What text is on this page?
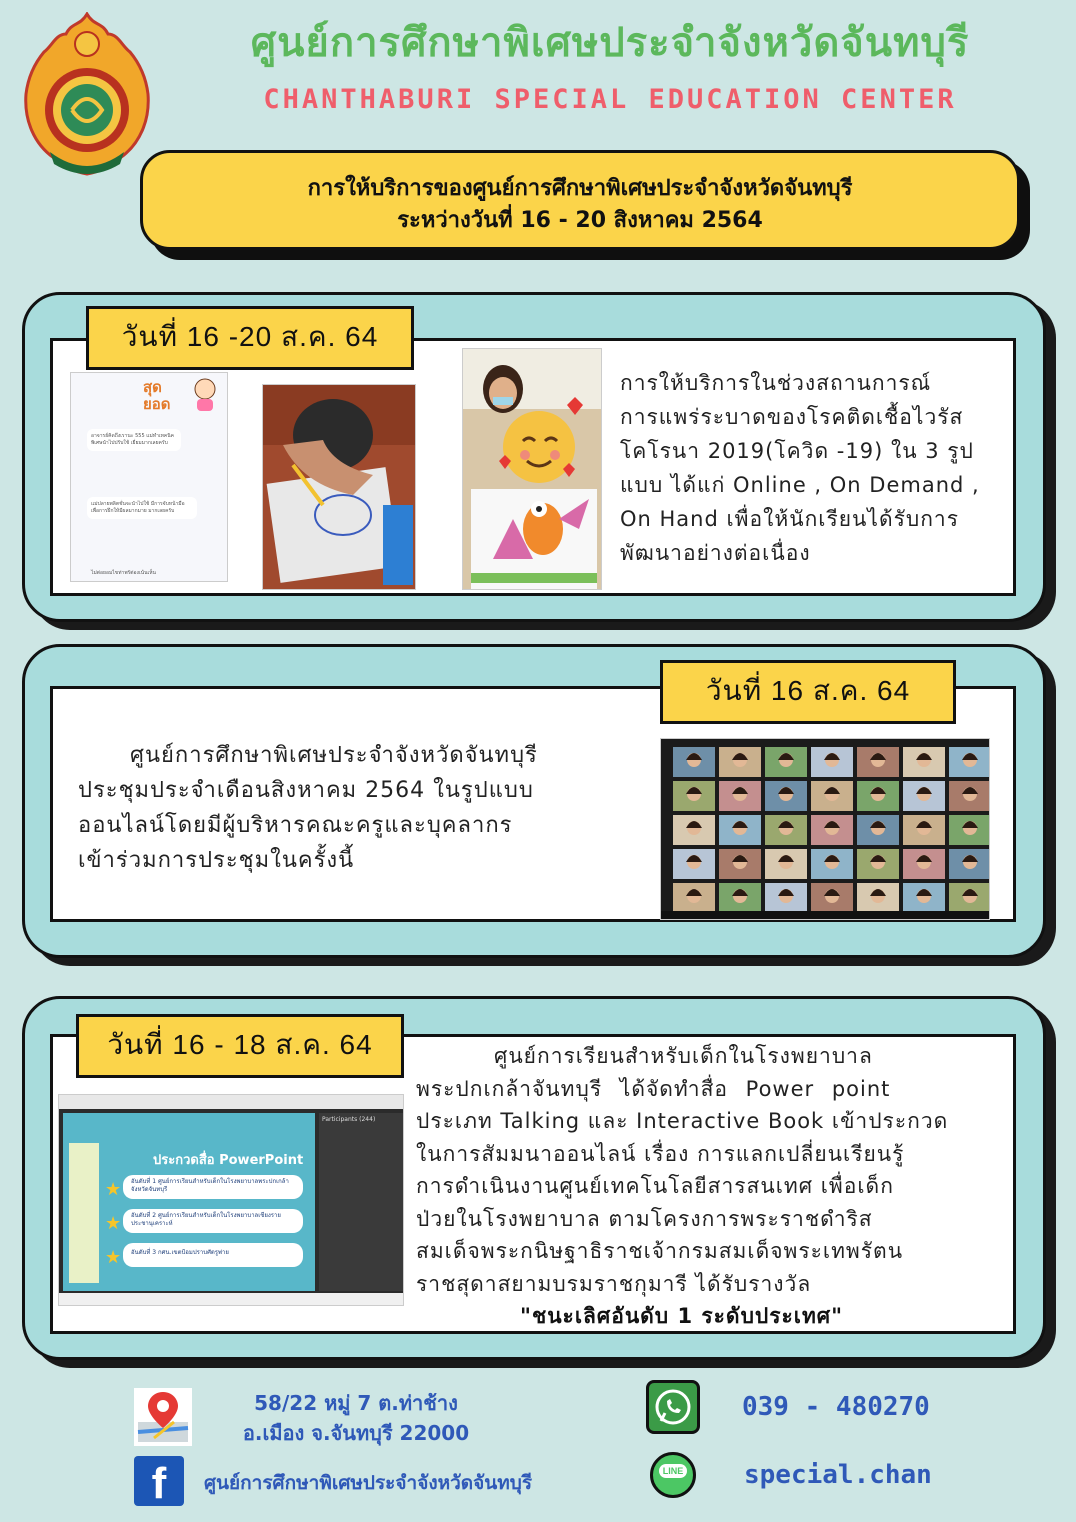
ศูนย์การศึกษาพิเศษประจำจังหวัดจันทบุรี
CHANTHABURI SPECIAL EDUCATION CENTER
การให้บริการของศูนย์การศึกษาพิเศษประจำจังหวัดจันทบุรี
ระหว่างวันที่ 16 - 20 สิงหาคม 2564
วันที่ 16 -20 ส.ค. 64
สุด ยอด
อาจารย์คิดถึงเรานะ 555 แม่ทำเทคนิคพิเศษนำไปปรับใช้ เยี่ยมมากเลยครับ
แม่ปลายพลิตชั่นจะนำไปใช้ มีการจับหน้ามือ เพื่อการฝึกให้มีผลมากมาย มากเลยครับ
ไม่ต่อยอมไขท่าพรัต่องเน้นเห็น
การให้บริการในช่วงสถานการณ์
การแพร่ระบาดของโรคติดเชื้อไวรัส
โคโรนา 2019(โควิด -19) ใน 3 รูป
แบบ ได้แก่ Online , On Demand ,
On Hand เพื่อให้นักเรียนได้รับการ
พัฒนาอย่างต่อเนื่อง
วันที่ 16 ส.ค. 64
ศูนย์การศึกษาพิเศษประจำจังหวัดจันทบุรี
ประชุมประจำเดือนสิงหาคม 2564 ในรูปแบบ
ออนไลน์โดยมีผู้บริหารคณะครูและบุคลากร
เข้าร่วมการประชุมในครั้งนี้
วันที่ 16 - 18 ส.ค. 64
ประกวดสื่อ PowerPoint
อันดับที่ 1 ศูนย์การเรียนสำหรับเด็กในโรงพยาบาลพระปกเกล้า จังหวัดจันทบุรี
อันดับที่ 2 ศูนย์การเรียนสำหรับเด็กในโรงพยาบาลเชียงรายประชานุเคราะห์
อันดับที่ 3 กศน.เขตป้อมปราบศัตรูพ่าย
★
★
★
Participants (244)
ศูนย์การเรียนสำหรับเด็กในโรงพยาบาล
พระปกเกล้าจันทบุรี ได้จัดทำสื่อ Power point
ประเภท Talking และ Interactive Book เข้าประกวด
ในการสัมมนาออนไลน์ เรื่อง การแลกเปลี่ยนเรียนรู้
การดำเนินงานศูนย์เทคโนโลยีสารสนเทศ เพื่อเด็ก
ป่วยในโรงพยาบาล ตามโครงการพระราชดำริส
สมเด็จพระกนิษฐาธิราชเจ้ากรมสมเด็จพระเทพรัตน
ราชสุดาสยามบรมราชกุมารี ได้รับรางวัล
"ชนะเลิศอันดับ 1 ระดับประเทศ"
58/22 หมู่ 7 ต.ท่าช้าง
อ.เมือง จ.จันทบุรี 22000
039 - 480270
f	ศูนย์การศึกษาพิเศษประจำจังหวัดจันทบุรี
LINE	special.chan
